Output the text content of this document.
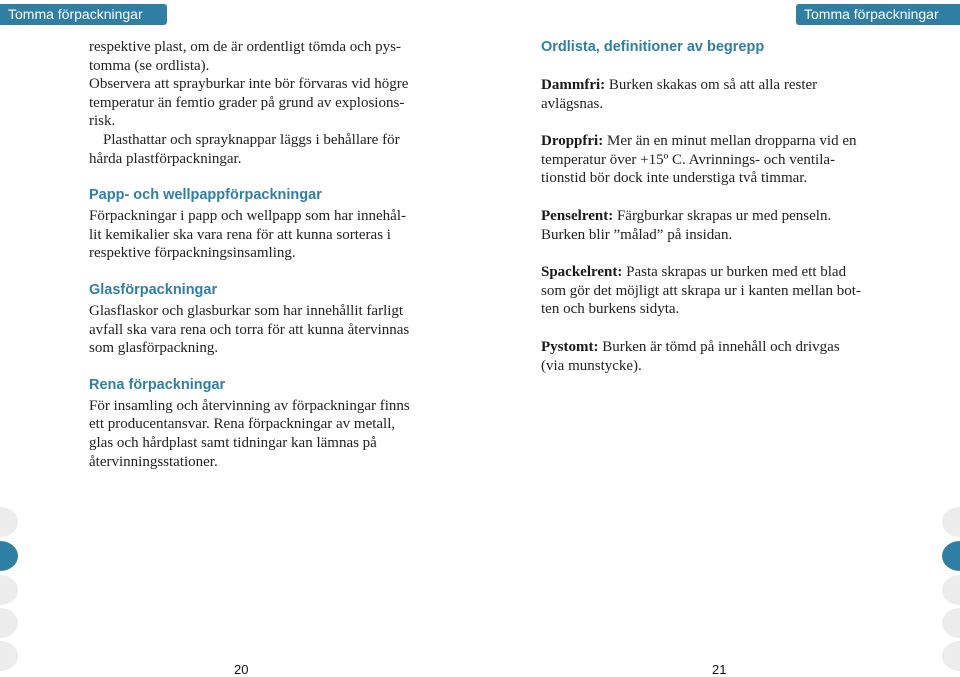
Tomma förpackningar

respektive plast, om de är ordentligt tömda och pys-

tomma (se ordlista).

Observera att sprayburkar inte bör förvaras vid högre

temperatur än femtio grader på grund av explosions-

risk.

Plasthattar och sprayknappar läggs i behållare för

hårda plastförpackningar.

Papp- och wellpappförpackningar

Förpackningar i papp och wellpapp som har innehål-

lit kemikalier ska vara rena för att kunna sorteras i

respektive förpackningsinsamling.

Glasförpackningar

Glasflaskor och glasburkar som har innehållit farligt

avfall ska vara rena och torra för att kunna återvinnas

som glasförpackning.

Rena förpackningar

För insamling och återvinning av förpackningar finns

ett producentansvar. Rena förpackningar av metall,

glas och hårdplast samt tidningar kan lämnas på

återvinningsstationer.

20
Tomma förpackningar

Ordlista, definitioner av begrepp

Dammfri: Burken skakas om så att alla rester
avlägsnas.

Droppfri: Mer än en minut mellan dropparna vid en
temperatur över +15º C. Avrinnings- och ventila-
tionstid bör dock inte understiga två timmar.

Penselrent: Färgburkar skrapas ur med penseln.
Burken blir ”målad” på insidan.

Spackelrent: Pasta skrapas ur burken med ett blad
som gör det möjligt att skrapa ur i kanten mellan bot-
ten och burkens sidyta.

Pystomt: Burken är tömd på innehåll och drivgas
(via munstycke).

21
